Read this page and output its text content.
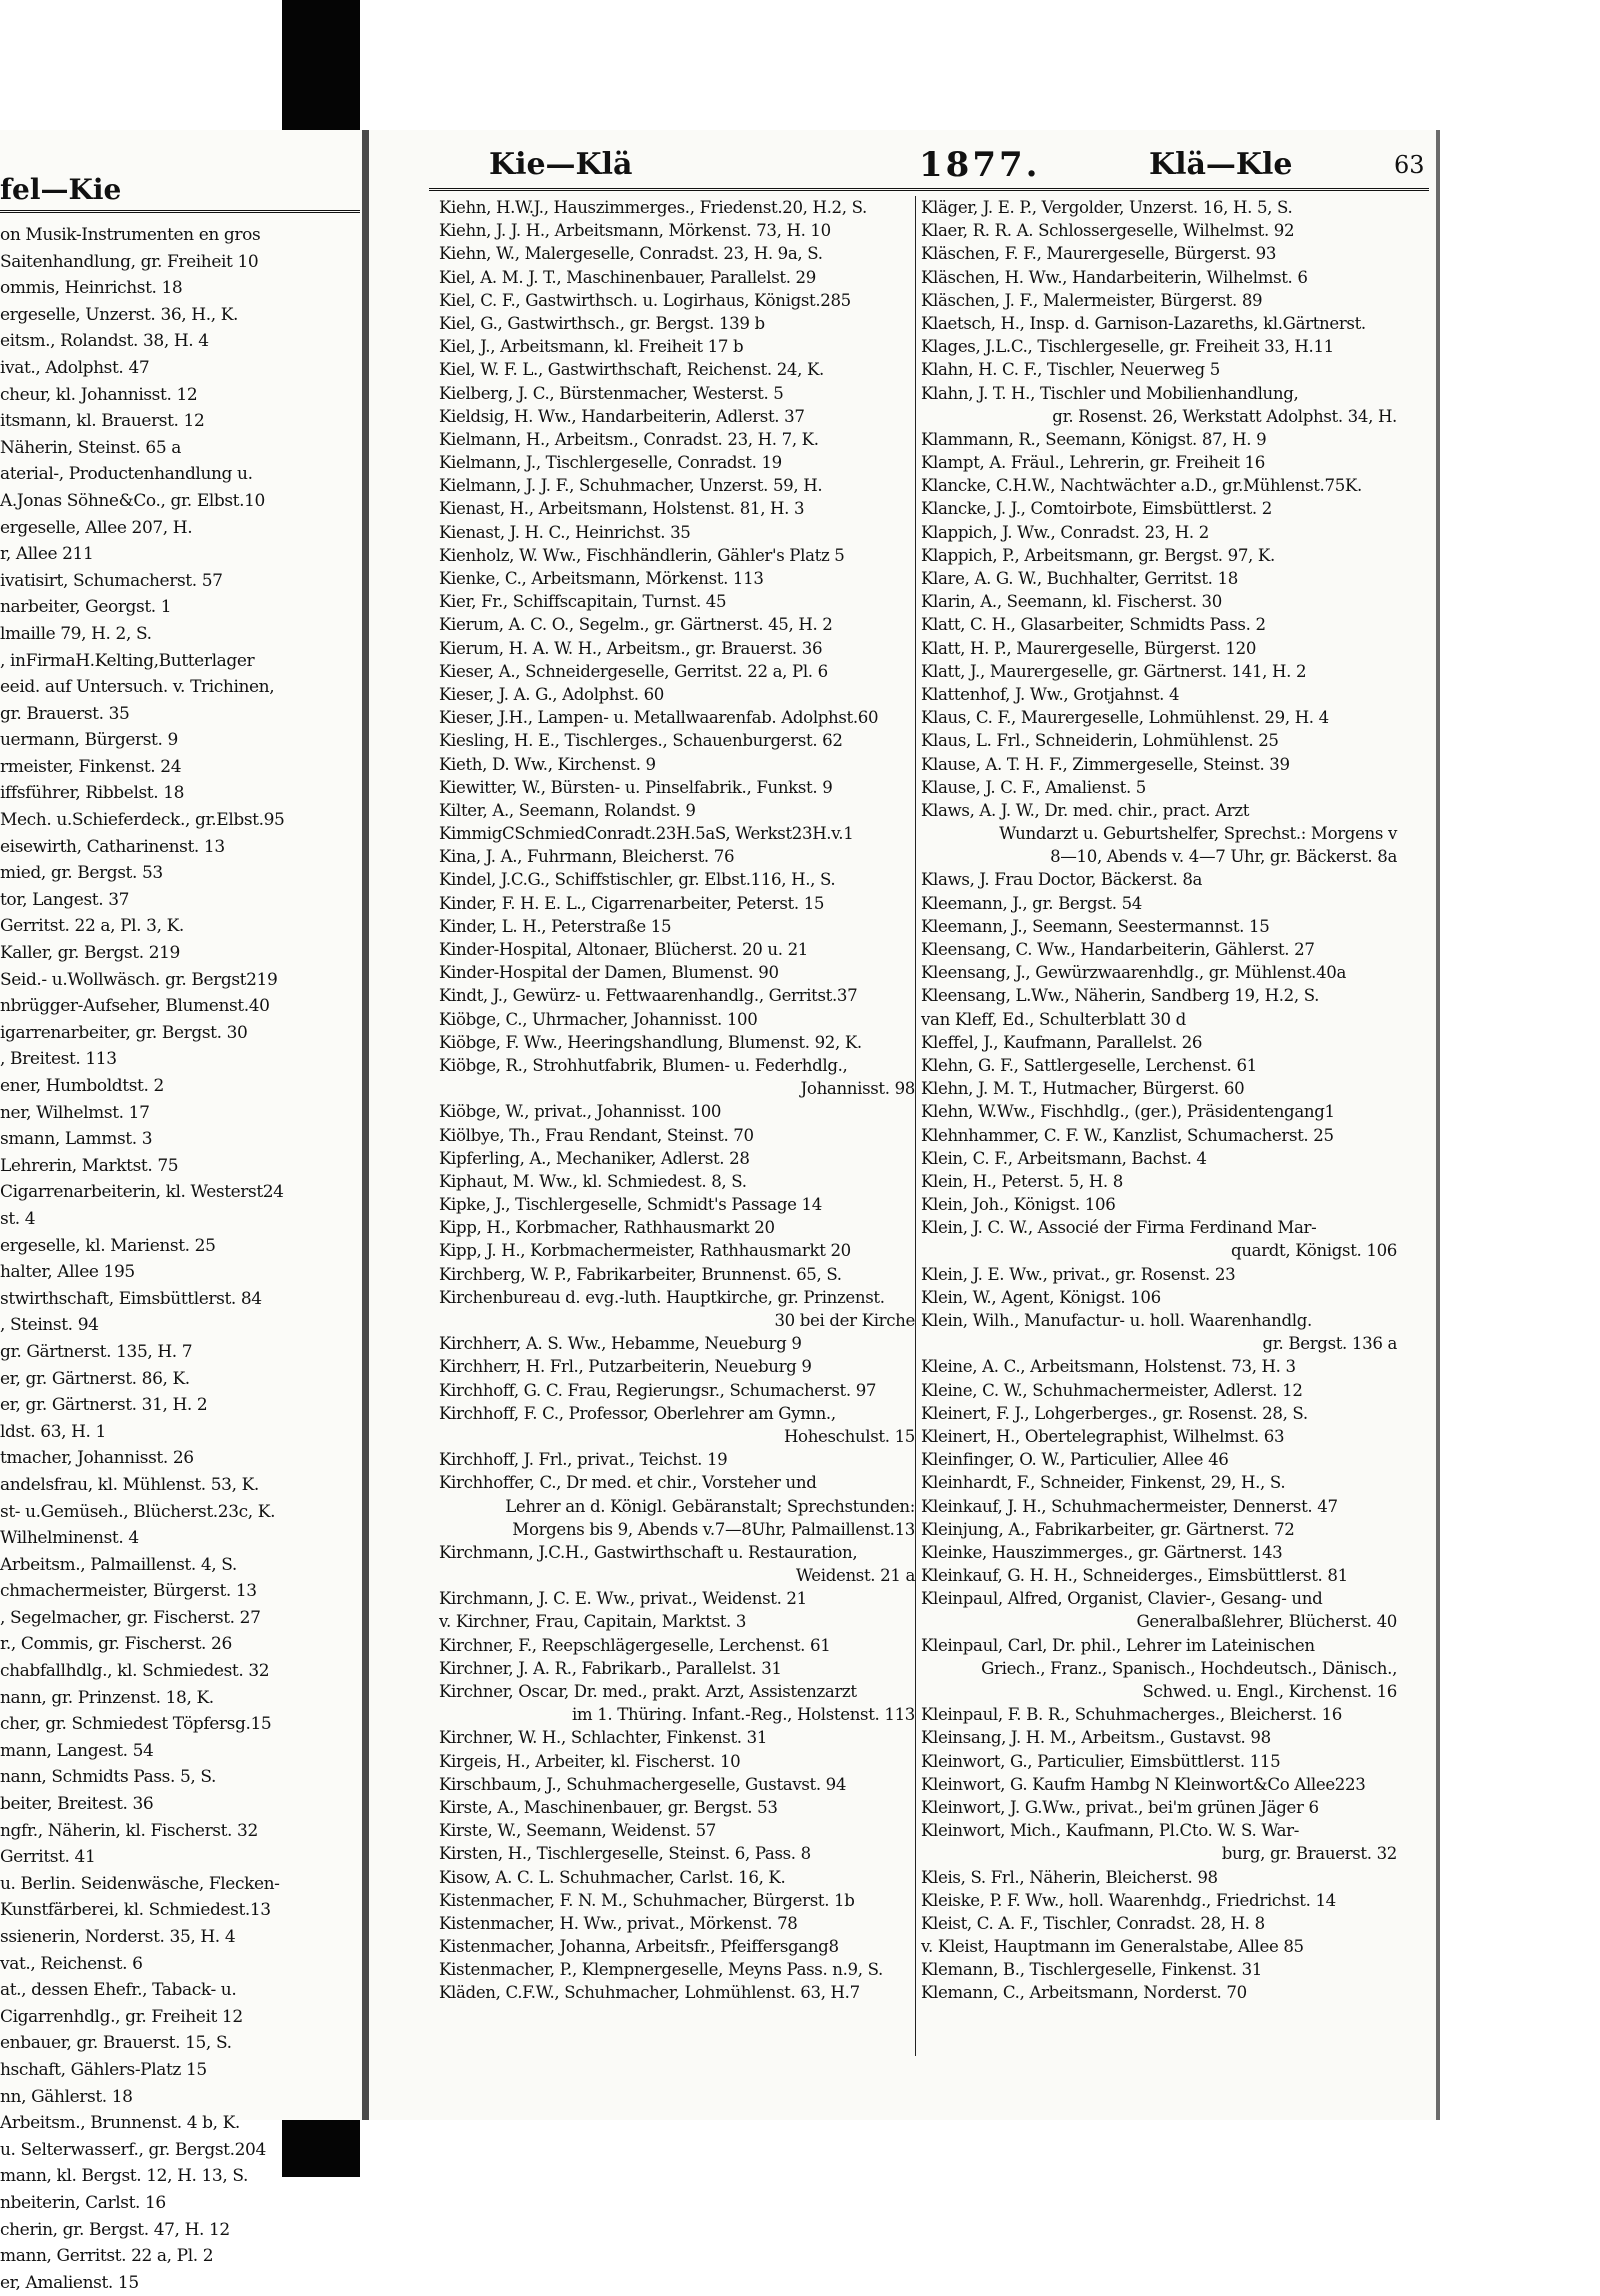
fel—Kie
on Musik-Instrumenten en gros
Saitenhandlung, gr. Freiheit 10
ommis, Heinrichst. 18
ergeselle, Unzerst. 36, H., K.
eitsm., Rolandst. 38, H. 4
ivat., Adolphst. 47
cheur, kl. Johannisst. 12
itsmann, kl. Brauerst. 12
Näherin, Steinst. 65 a
aterial-, Productenhandlung u.
A.Jonas Söhne&Co., gr. Elbst.10
ergeselle, Allee 207, H.
r, Allee 211
ivatisirt, Schumacherst. 57
narbeiter, Georgst. 1
lmaille 79, H. 2, S.
, inFirmaH.Kelting,Butterlager
eeid. auf Untersuch. v. Trichinen,
gr. Brauerst. 35
uermann, Bürgerst. 9
rmeister, Finkenst. 24
iffsführer, Ribbelst. 18
Mech. u.Schieferdeck., gr.Elbst.95
eisewirth, Catharinenst. 13
mied, gr. Bergst. 53
tor, Langest. 37
Gerritst. 22 a, Pl. 3, K.
Kaller, gr. Bergst. 219
Seid.- u.Wollwäsch. gr. Bergst219
nbrügger-Aufseher, Blumenst.40
igarrenarbeiter, gr. Bergst. 30
, Breitest. 113
ener, Humboldtst. 2
ner, Wilhelmst. 17
smann, Lammst. 3
Lehrerin, Marktst. 75
Cigarrenarbeiterin, kl. Westerst24
st. 4
ergeselle, kl. Marienst. 25
halter, Allee 195
stwirthschaft, Eimsbüttlerst. 84
, Steinst. 94
gr. Gärtnerst. 135, H. 7
er, gr. Gärtnerst. 86, K.
er, gr. Gärtnerst. 31, H. 2
ldst. 63, H. 1
tmacher, Johannisst. 26
andelsfrau, kl. Mühlenst. 53, K.
st- u.Gemüseh., Blücherst.23c, K.
Wilhelminenst. 4
Arbeitsm., Palmaillenst. 4, S.
chmachermeister, Bürgerst. 13
, Segelmacher, gr. Fischerst. 27
r., Commis, gr. Fischerst. 26
chabfallhdlg., kl. Schmiedest. 32
nann, gr. Prinzenst. 18, K.
cher, gr. Schmiedest Töpfersg.15
mann, Langest. 54
nann, Schmidts Pass. 5, S.
beiter, Breitest. 36
ngfr., Näherin, kl. Fischerst. 32
Gerritst. 41
u. Berlin. Seidenwäsche, Flecken-
Kunstfärberei, kl. Schmiedest.13
ssienerin, Norderst. 35, H. 4
vat., Reichenst. 6
at., dessen Ehefr., Taback- u.
Cigarrenhdlg., gr. Freiheit 12
enbauer, gr. Brauerst. 15, S.
hschaft, Gählers-Platz 15
nn, Gählerst. 18
Arbeitsm., Brunnenst. 4 b, K.
u. Selterwasserf., gr. Bergst.204
mann, kl. Bergst. 12, H. 13, S.
nbeiterin, Carlst. 16
cherin, gr. Bergst. 47, H. 12
mann, Gerritst. 22 a, Pl. 2
er, Amalienst. 15
Kie—Klä	1877.	Klä—Kle	63
Kiehn, H.W.J., Hauszimmerges., Friedenst.20, H.2, S.
Kiehn, J. J. H., Arbeitsmann, Mörkenst. 73, H. 10
Kiehn, W., Malergeselle, Conradst. 23, H. 9a, S.
Kiel, A. M. J. T., Maschinenbauer, Parallelst. 29
Kiel, C. F., Gastwirthsch. u. Logirhaus, Königst.285
Kiel, G., Gastwirthsch., gr. Bergst. 139 b
Kiel, J., Arbeitsmann, kl. Freiheit 17 b
Kiel, W. F. L., Gastwirthschaft, Reichenst. 24, K.
Kielberg, J. C., Bürstenmacher, Westerst. 5
Kieldsig, H. Ww., Handarbeiterin, Adlerst. 37
Kielmann, H., Arbeitsm., Conradst. 23, H. 7, K.
Kielmann, J., Tischlergeselle, Conradst. 19
Kielmann, J. J. F., Schuhmacher, Unzerst. 59, H.
Kienast, H., Arbeitsmann, Holstenst. 81, H. 3
Kienast, J. H. C., Heinrichst. 35
Kienholz, W. Ww., Fischhändlerin, Gähler's Platz 5
Kienke, C., Arbeitsmann, Mörkenst. 113
Kier, Fr., Schiffscapitain, Turnst. 45
Kierum, A. C. O., Segelm., gr. Gärtnerst. 45, H. 2
Kierum, H. A. W. H., Arbeitsm., gr. Brauerst. 36
Kieser, A., Schneidergeselle, Gerritst. 22 a, Pl. 6
Kieser, J. A. G., Adolphst. 60
Kieser, J.H., Lampen- u. Metallwaarenfab. Adolphst.60
Kiesling, H. E., Tischlerges., Schauenburgerst. 62
Kieth, D. Ww., Kirchenst. 9
Kiewitter, W., Bürsten- u. Pinselfabrik., Funkst. 9
Kilter, A., Seemann, Rolandst. 9
KimmigCSchmiedConradt.23H.5aS, Werkst23H.v.1
Kina, J. A., Fuhrmann, Bleicherst. 76
Kindel, J.C.G., Schiffstischler, gr. Elbst.116, H., S.
Kinder, F. H. E. L., Cigarrenarbeiter, Peterst. 15
Kinder, L. H., Peterstraße 15
Kinder-Hospital, Altonaer, Blücherst. 20 u. 21
Kinder-Hospital der Damen, Blumenst. 90
Kindt, J., Gewürz- u. Fettwaarenhandlg., Gerritst.37
Kiöbge, C., Uhrmacher, Johannisst. 100
Kiöbge, F. Ww., Heeringshandlung, Blumenst. 92, K.
Kiöbge, R., Strohhutfabrik, Blumen- u. Federhdlg.,
Johannisst. 98
Kiöbge, W., privat., Johannisst. 100
Kiölbye, Th., Frau Rendant, Steinst. 70
Kipferling, A., Mechaniker, Adlerst. 28
Kiphaut, M. Ww., kl. Schmiedest. 8, S.
Kipke, J., Tischlergeselle, Schmidt's Passage 14
Kipp, H., Korbmacher, Rathhausmarkt 20
Kipp, J. H., Korbmachermeister, Rathhausmarkt 20
Kirchberg, W. P., Fabrikarbeiter, Brunnenst. 65, S.
Kirchenbureau d. evg.-luth. Hauptkirche, gr. Prinzenst.
30 bei der Kirche
Kirchherr, A. S. Ww., Hebamme, Neueburg 9
Kirchherr, H. Frl., Putzarbeiterin, Neueburg 9
Kirchhoff, G. C. Frau, Regierungsr., Schumacherst. 97
Kirchhoff, F. C., Professor, Oberlehrer am Gymn.,
Hoheschulst. 15
Kirchhoff, J. Frl., privat., Teichst. 19
Kirchhoffer, C., Dr med. et chir., Vorsteher und
Lehrer an d. Königl. Gebäranstalt; Sprechstunden:
Morgens bis 9, Abends v.7—8Uhr, Palmaillenst.13
Kirchmann, J.C.H., Gastwirthschaft u. Restauration,
Weidenst. 21 a
Kirchmann, J. C. E. Ww., privat., Weidenst. 21
v. Kirchner, Frau, Capitain, Marktst. 3
Kirchner, F., Reepschlägergeselle, Lerchenst. 61
Kirchner, J. A. R., Fabrikarb., Parallelst. 31
Kirchner, Oscar, Dr. med., prakt. Arzt, Assistenzarzt
im 1. Thüring. Infant.-Reg., Holstenst. 113
Kirchner, W. H., Schlachter, Finkenst. 31
Kirgeis, H., Arbeiter, kl. Fischerst. 10
Kirschbaum, J., Schuhmachergeselle, Gustavst. 94
Kirste, A., Maschinenbauer, gr. Bergst. 53
Kirste, W., Seemann, Weidenst. 57
Kirsten, H., Tischlergeselle, Steinst. 6, Pass. 8
Kisow, A. C. L. Schuhmacher, Carlst. 16, K.
Kistenmacher, F. N. M., Schuhmacher, Bürgerst. 1b
Kistenmacher, H. Ww., privat., Mörkenst. 78
Kistenmacher, Johanna, Arbeitsfr., Pfeiffersgang8
Kistenmacher, P., Klempnergeselle, Meyns Pass. n.9, S.
Kläden, C.F.W., Schuhmacher, Lohmühlenst. 63, H.7
Kläger, J. E. P., Vergolder, Unzerst. 16, H. 5, S.
Klaer, R. R. A. Schlossergeselle, Wilhelmst. 92
Kläschen, F. F., Maurergeselle, Bürgerst. 93
Kläschen, H. Ww., Handarbeiterin, Wilhelmst. 6
Kläschen, J. F., Malermeister, Bürgerst. 89
Klaetsch, H., Insp. d. Garnison-Lazareths, kl.Gärtnerst.
Klages, J.L.C., Tischlergeselle, gr. Freiheit 33, H.11
Klahn, H. C. F., Tischler, Neuerweg 5
Klahn, J. T. H., Tischler und Mobilienhandlung,
gr. Rosenst. 26, Werkstatt Adolphst. 34, H.
Klammann, R., Seemann, Königst. 87, H. 9
Klampt, A. Fräul., Lehrerin, gr. Freiheit 16
Klancke, C.H.W., Nachtwächter a.D., gr.Mühlenst.75K.
Klancke, J. J., Comtoirbote, Eimsbüttlerst. 2
Klappich, J. Ww., Conradst. 23, H. 2
Klappich, P., Arbeitsmann, gr. Bergst. 97, K.
Klare, A. G. W., Buchhalter, Gerritst. 18
Klarin, A., Seemann, kl. Fischerst. 30
Klatt, C. H., Glasarbeiter, Schmidts Pass. 2
Klatt, H. P., Maurergeselle, Bürgerst. 120
Klatt, J., Maurergeselle, gr. Gärtnerst. 141, H. 2
Klattenhof, J. Ww., Grotjahnst. 4
Klaus, C. F., Maurergeselle, Lohmühlenst. 29, H. 4
Klaus, L. Frl., Schneiderin, Lohmühlenst. 25
Klause, A. T. H. F., Zimmergeselle, Steinst. 39
Klause, J. C. F., Amalienst. 5
Klaws, A. J. W., Dr. med. chir., pract. Arzt
Wundarzt u. Geburtshelfer, Sprechst.: Morgens v
8—10, Abends v. 4—7 Uhr, gr. Bäckerst. 8a
Klaws, J. Frau Doctor, Bäckerst. 8a
Kleemann, J., gr. Bergst. 54
Kleemann, J., Seemann, Seestermannst. 15
Kleensang, C. Ww., Handarbeiterin, Gählerst. 27
Kleensang, J., Gewürzwaarenhdlg., gr. Mühlenst.40a
Kleensang, L.Ww., Näherin, Sandberg 19, H.2, S.
van Kleff, Ed., Schulterblatt 30 d
Kleffel, J., Kaufmann, Parallelst. 26
Klehn, G. F., Sattlergeselle, Lerchenst. 61
Klehn, J. M. T., Hutmacher, Bürgerst. 60
Klehn, W.Ww., Fischhdlg., (ger.), Präsidentengang1
Klehnhammer, C. F. W., Kanzlist, Schumacherst. 25
Klein, C. F., Arbeitsmann, Bachst. 4
Klein, H., Peterst. 5, H. 8
Klein, Joh., Königst. 106
Klein, J. C. W., Associé der Firma Ferdinand Mar-
quardt, Königst. 106
Klein, J. E. Ww., privat., gr. Rosenst. 23
Klein, W., Agent, Königst. 106
Klein, Wilh., Manufactur- u. holl. Waarenhandlg.
gr. Bergst. 136 a
Kleine, A. C., Arbeitsmann, Holstenst. 73, H. 3
Kleine, C. W., Schuhmachermeister, Adlerst. 12
Kleinert, F. J., Lohgerberges., gr. Rosenst. 28, S.
Kleinert, H., Obertelegraphist, Wilhelmst. 63
Kleinfinger, O. W., Particulier, Allee 46
Kleinhardt, F., Schneider, Finkenst, 29, H., S.
Kleinkauf, J. H., Schuhmachermeister, Dennerst. 47
Kleinjung, A., Fabrikarbeiter, gr. Gärtnerst. 72
Kleinke, Hauszimmerges., gr. Gärtnerst. 143
Kleinkauf, G. H. H., Schneiderges., Eimsbüttlerst. 81
Kleinpaul, Alfred, Organist, Clavier-, Gesang- und
Generalbaßlehrer, Blücherst. 40
Kleinpaul, Carl, Dr. phil., Lehrer im Lateinischen
Griech., Franz., Spanisch., Hochdeutsch., Dänisch.,
Schwed. u. Engl., Kirchenst. 16
Kleinpaul, F. B. R., Schuhmacherges., Bleicherst. 16
Kleinsang, J. H. M., Arbeitsm., Gustavst. 98
Kleinwort, G., Particulier, Eimsbüttlerst. 115
Kleinwort, G. Kaufm Hambg N Kleinwort&Co Allee223
Kleinwort, J. G.Ww., privat., bei'm grünen Jäger 6
Kleinwort, Mich., Kaufmann, Pl.Cto. W. S. War-
burg, gr. Brauerst. 32
Kleis, S. Frl., Näherin, Bleicherst. 98
Kleiske, P. F. Ww., holl. Waarenhdg., Friedrichst. 14
Kleist, C. A. F., Tischler, Conradst. 28, H. 8
v. Kleist, Hauptmann im Generalstabe, Allee 85
Klemann, B., Tischlergeselle, Finkenst. 31
Klemann, C., Arbeitsmann, Norderst. 70
